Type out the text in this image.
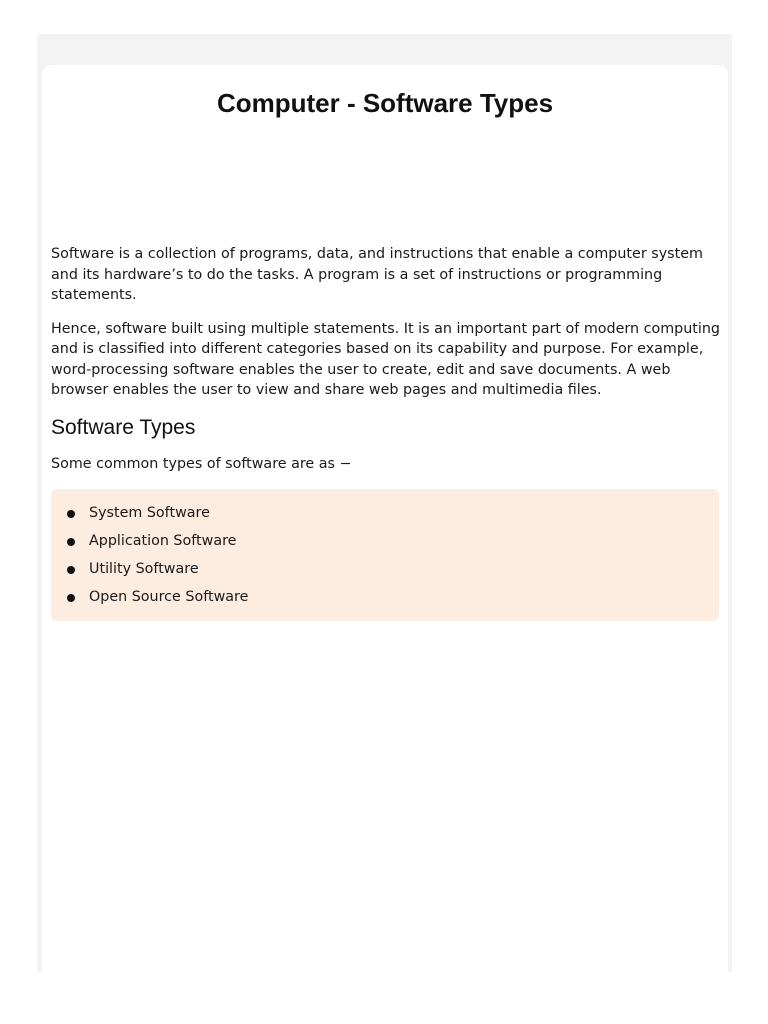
Computer - Software Types

Software is a collection of programs, data, and instructions that enable a computer system and its hardware’s to do the tasks. A program is a set of instructions or programming statements.

Hence, software built using multiple statements. It is an important part of modern computing and is classified into different categories based on its capability and purpose. For example, word-processing software enables the user to create, edit and save documents. A web browser enables the user to view and share web pages and multimedia files.

Software Types

Some common types of software are as −

System Software
Application Software
Utility Software
Open Source Software
